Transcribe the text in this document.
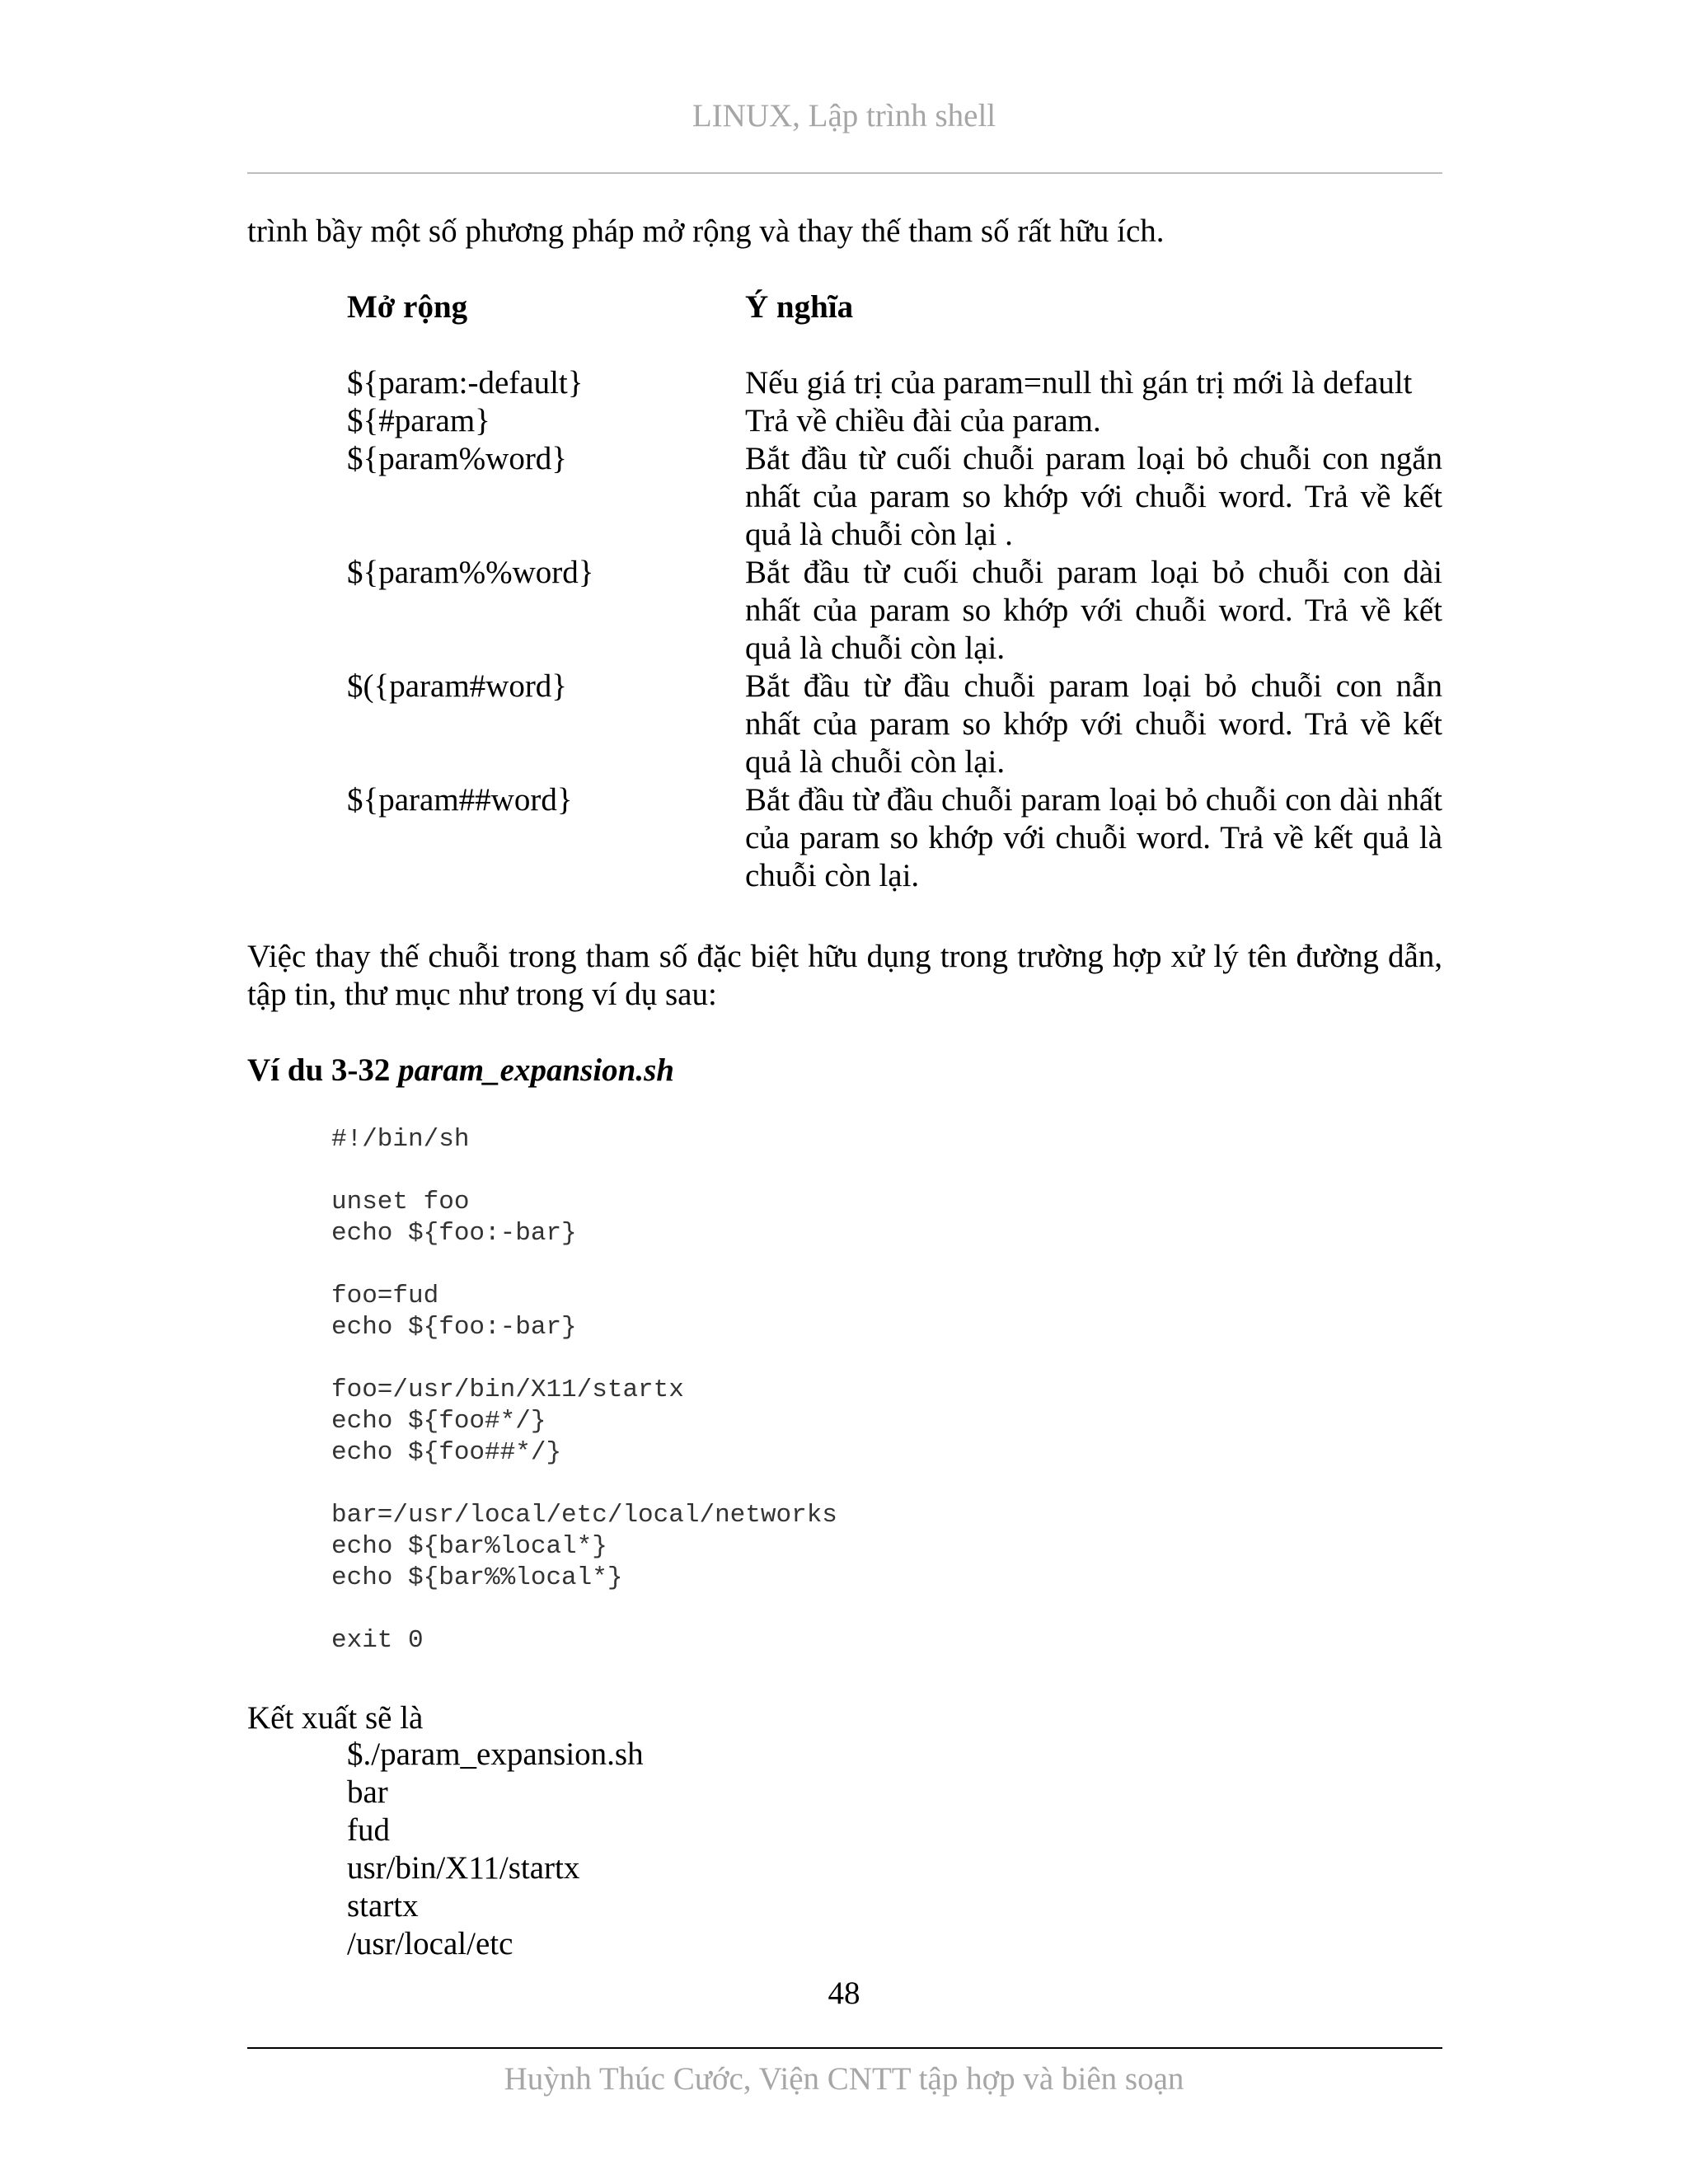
LINUX, Lập trình shell
trình bầy một số phương pháp mở rộng và thay thế tham số rất hữu ích.
Mở rộng	Ý nghĩa
${param:-default}	Nếu giá trị của param=null thì gán trị mới là default
${#param}	Trả về chiều đài của param.
${param%word}	Bắt đầu từ cuối chuỗi param loại bỏ chuỗi con ngắn nhất của param so khớp với chuỗi word. Trả về kết quả là chuỗi còn lại .
${param%%word}	Bắt đầu từ cuối chuỗi param loại bỏ chuỗi con dài nhất của param so khớp với chuỗi word. Trả về kết quả là chuỗi còn lại.
$({param#word}	Bắt đầu từ đầu chuỗi param loại bỏ chuỗi con nẫn nhất của param so khớp với chuỗi word. Trả về kết quả là chuỗi còn lại.
${param##word}	Bắt đầu từ đầu chuỗi param loại bỏ chuỗi con dài nhất của param so khớp với chuỗi word. Trả về kết quả là chuỗi còn lại.
Việc thay thế chuỗi trong tham số đặc biệt hữu dụng trong trường hợp xử lý tên đường dẫn, tập tin, thư mục như trong ví dụ sau:
Ví du 3-32 param_expansion.sh
#!/bin/sh

unset foo
echo ${foo:-bar}

foo=fud
echo ${foo:-bar}

foo=/usr/bin/X11/startx
echo ${foo#*/}
echo ${foo##*/}

bar=/usr/local/etc/local/networks
echo ${bar%local*}
echo ${bar%%local*}

exit 0
Kết xuất sẽ là
$./param_expansion.sh
bar
fud
usr/bin/X11/startx
startx
/usr/local/etc
48
Huỳnh Thúc Cước, Viện CNTT tập hợp và biên soạn
